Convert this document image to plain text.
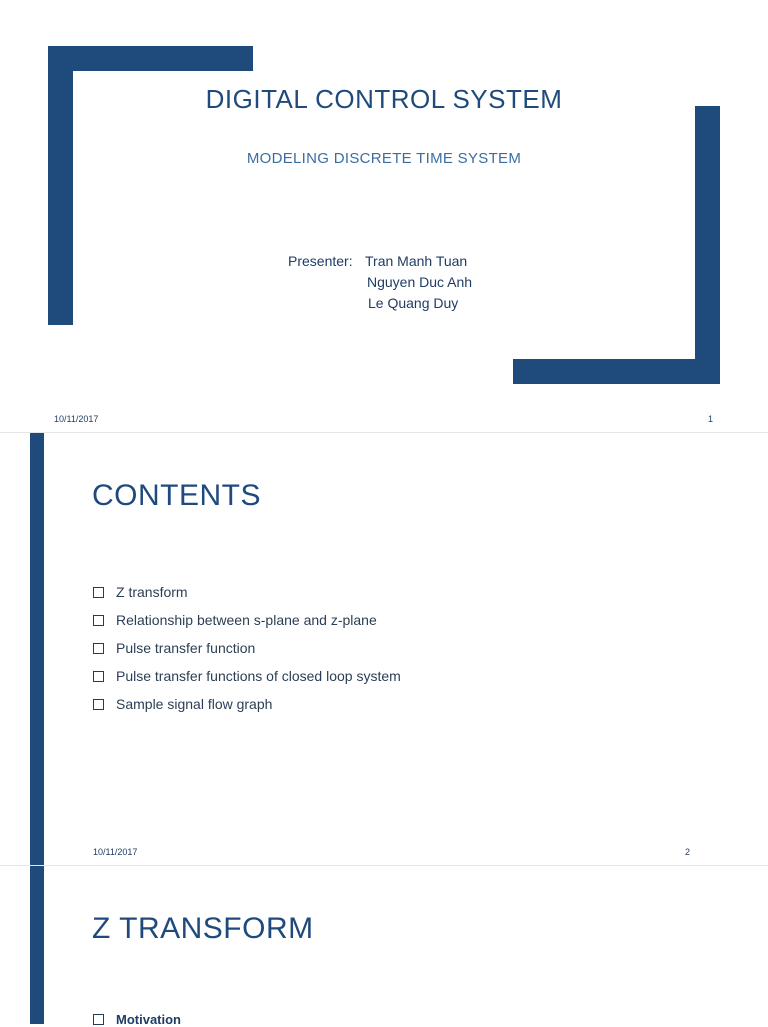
DIGITAL CONTROL SYSTEM
MODELING DISCRETE TIME SYSTEM
Presenter: Tran Manh Tuan
Nguyen Duc Anh
Le Quang Duy
10/11/2017	1
CONTENTS
10/11/2017	2
Z transform
Relationship between s-plane and z-plane
Pulse transfer function
Pulse transfer functions of closed loop system
Sample signal flow graph
Z TRANSFORM
Motivation
